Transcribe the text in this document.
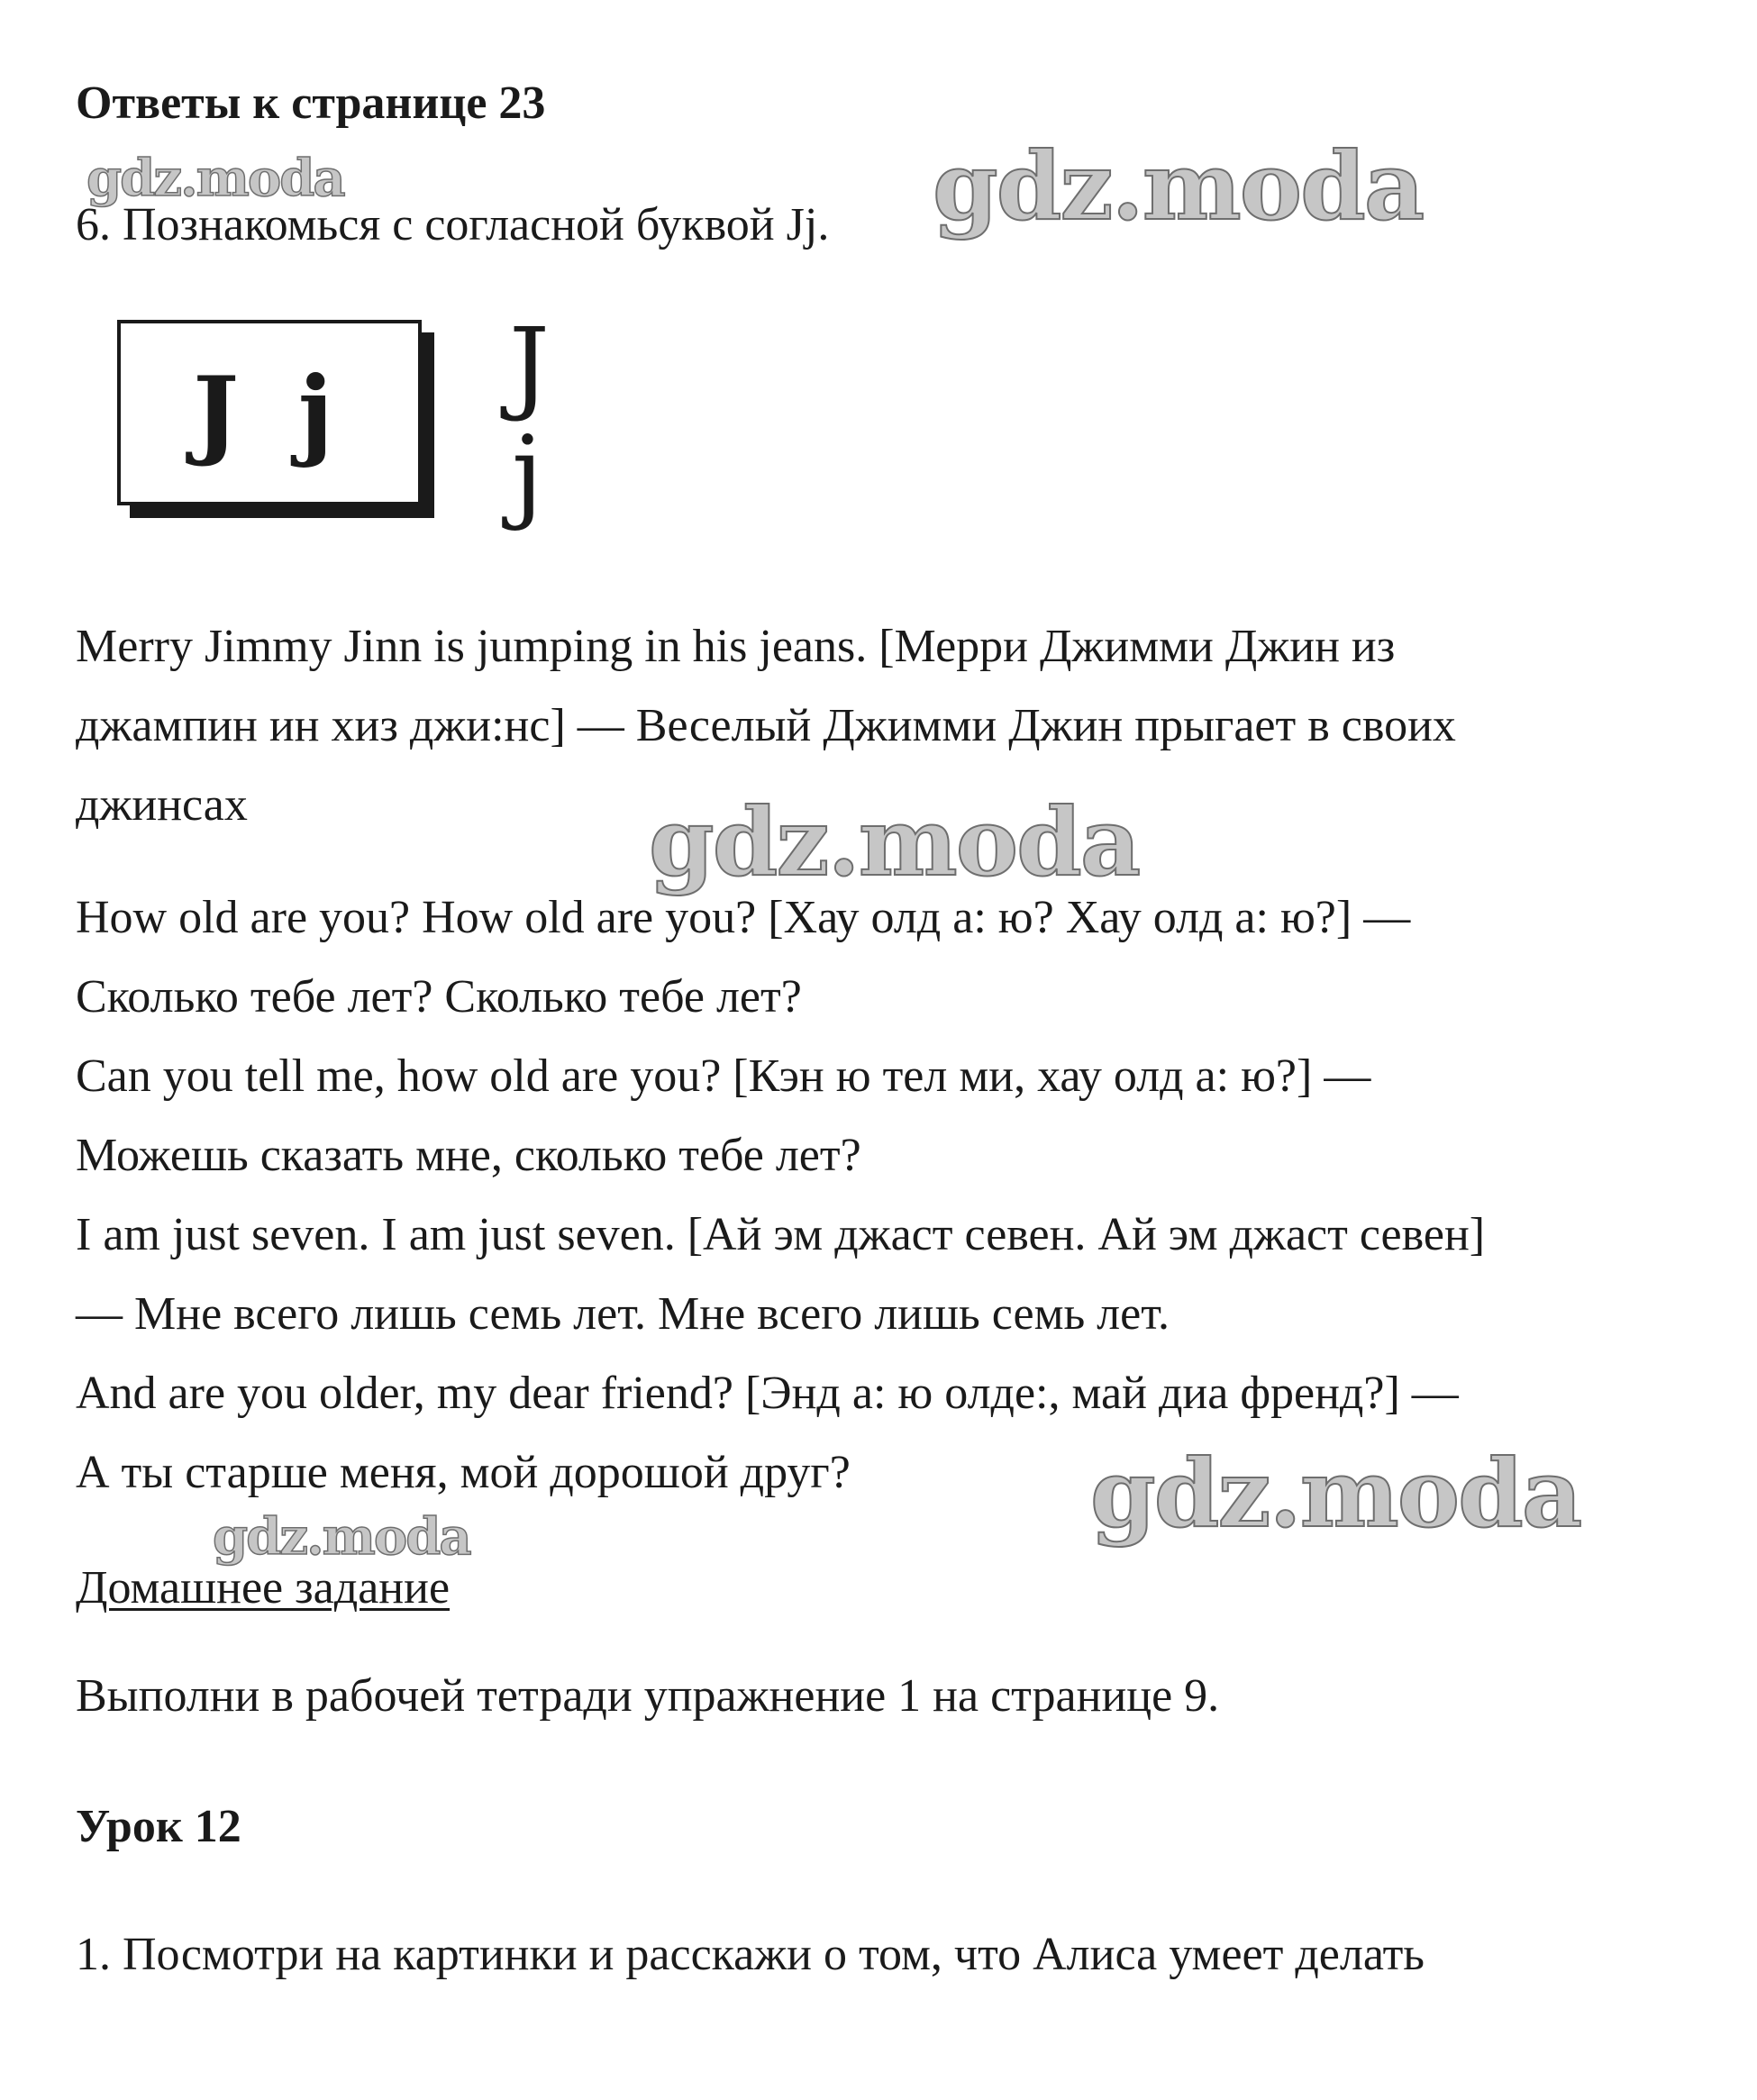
Ответы к странице 23
gdz.moda	gdz.moda
gdz.moda
gdz.moda
gdz.moda
6. Познакомься с согласной буквой Jj.
J j J
j
Merry Jimmy Jinn is jumping in his jeans. [Мерри Джимми Джин из
джампин ин хиз джи:нс] — Веселый Джимми Джин прыгает в своих
джинсах
How old are you? How old are you? [Хау олд а: ю? Хау олд а: ю?] —
Сколько тебе лет? Сколько тебе лет?
Can you tell me, how old are you? [Кэн ю тел ми, хау олд а: ю?] —
Можешь сказать мне, сколько тебе лет?
I am just seven. I am just seven. [Ай эм джаст севен. Ай эм джаст севен]
— Мне всего лишь семь лет. Мне всего лишь семь лет.
And are you older, my dear friend? [Энд а: ю олде:, май диа френд?] —
А ты старше меня, мой дорошой друг?
Домашнее задание
Выполни в рабочей тетради упражнение 1 на странице 9.
Урок 12
1. Посмотри на картинки и расскажи о том, что Алиса умеет делать
